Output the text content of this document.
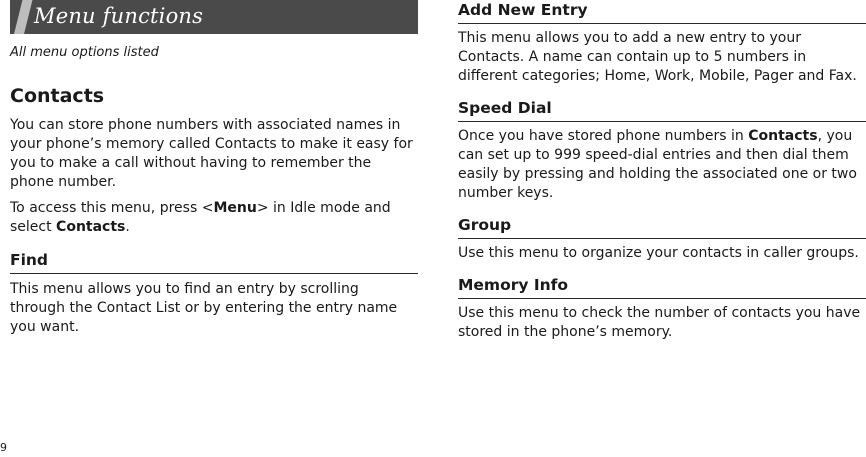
Menu functions
All menu options listed
Contacts

You can store phone numbers with associated names in your phone’s memory called Contacts to make it easy for you to make a call without having to remember the phone number.

To access this menu, press <Menu> in Idle mode and select Contacts.

Find

This menu allows you to find an entry by scrolling through the Contact List or by entering the entry name you want.

Add New Entry

This menu allows you to add a new entry to your Contacts. A name can contain up to 5 numbers in different categories; Home, Work, Mobile, Pager and Fax.

Speed Dial

Once you have stored phone numbers in Contacts, you can set up to 999 speed-dial entries and then dial them easily by pressing and holding the associated one or two number keys.

Group

Use this menu to organize your contacts in caller groups.

Memory Info

Use this menu to check the number of contacts you have stored in the phone’s memory.

9
